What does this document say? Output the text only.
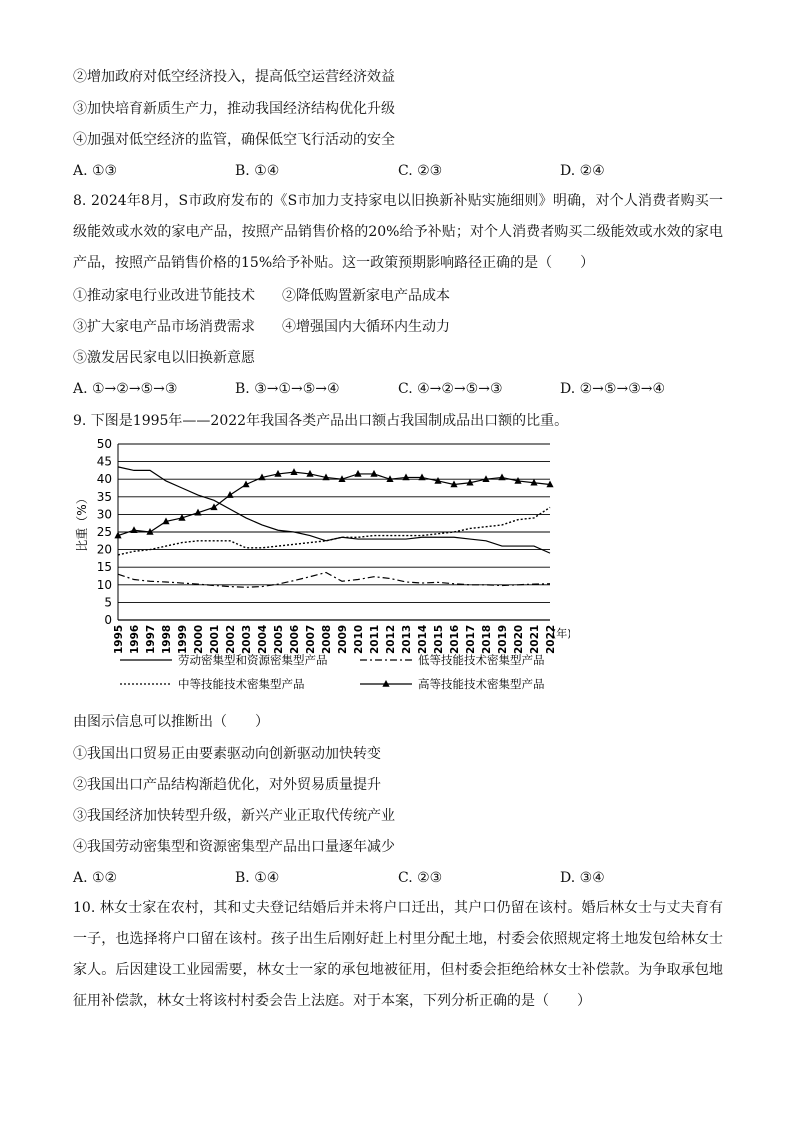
②增加政府对低空经济投入，提高低空运营经济效益
③加快培育新质生产力，推动我国经济结构优化升级
④加强对低空经济的监管，确保低空飞行活动的安全
A. ①③	B. ①④	C. ②③	D. ②④
8. 2024年8月，S市政府发布的《S市加力支持家电以旧换新补贴实施细则》明确，对个人消费者购买一级能效或水效的家电产品，按照产品销售价格的20%给予补贴；对个人消费者购买二级能效或水效的家电产品，按照产品销售价格的15%给予补贴。这一政策预期影响路径正确的是（　　）
①推动家电行业改进节能技术 ②降低购置新家电产品成本
③扩大家电产品市场消费需求 ④增强国内大循环内生动力
⑤激发居民家电以旧换新意愿
A. ①→②→⑤→③	B. ③→①→⑤→④	C. ④→②→⑤→③	D. ②→⑤→③→④
9. 下图是1995年——2022年我国各类产品出口额占我国制成品出口额的比重。
0
5
10
15
20
25
30
35
40
45
50
比重（%）
1995 1996 1997 1998 1999 2000 2001 2002 2003 2004 2005 2006 2007 2008 2009 2010 2011 2012 2013 2014 2015 2016 2017 2018 2019 2020 2021 2022
(年)
劳动密集型和资源密集型产品	低等技能技术密集型产品
中等技能技术密集型产品	高等技能技术密集型产品
由图示信息可以推断出（　　）
①我国出口贸易正由要素驱动向创新驱动加快转变
②我国出口产品结构渐趋优化，对外贸易质量提升
③我国经济加快转型升级，新兴产业正取代传统产业
④我国劳动密集型和资源密集型产品出口量逐年减少
A. ①②	B. ①④	C. ②③	D. ③④
10. 林女士家在农村，其和丈夫登记结婚后并未将户口迁出，其户口仍留在该村。婚后林女士与丈夫育有一子，也选择将户口留在该村。孩子出生后刚好赶上村里分配土地，村委会依照规定将土地发包给林女士家人。后因建设工业园需要，林女士一家的承包地被征用，但村委会拒绝给林女士补偿款。为争取承包地征用补偿款，林女士将该村村委会告上法庭。对于本案，下列分析正确的是（　　）
